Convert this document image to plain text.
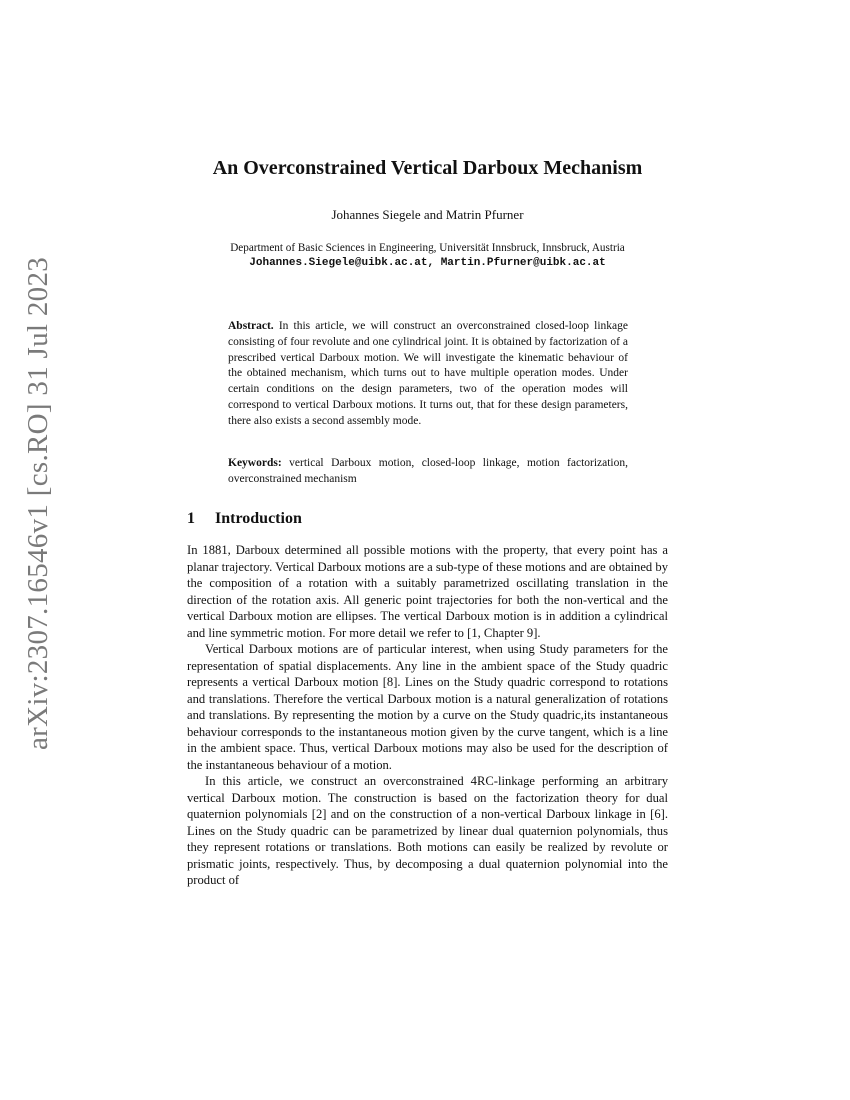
arXiv:2307.16546v1 [cs.RO] 31 Jul 2023
An Overconstrained Vertical Darboux Mechanism

Johannes Siegele and Matrin Pfurner

Department of Basic Sciences in Engineering, Universität Innsbruck, Innsbruck, Austria
Johannes.Siegele@uibk.ac.at, Martin.Pfurner@uibk.ac.at

Abstract. In this article, we will construct an overconstrained closed-loop linkage consisting of four revolute and one cylindrical joint. It is obtained by factorization of a prescribed vertical Darboux motion. We will investigate the kinematic behaviour of the obtained mechanism, which turns out to have multiple operation modes. Under certain conditions on the design parameters, two of the operation modes will correspond to vertical Darboux motions. It turns out, that for these design parameters, there also exists a second assembly mode.

Keywords: vertical Darboux motion, closed-loop linkage, motion factorization, overconstrained mechanism

1 Introduction

In 1881, Darboux determined all possible motions with the property, that every point has a planar trajectory. Vertical Darboux motions are a sub-type of these motions and are obtained by the composition of a rotation with a suitably parametrized oscillating translation in the direction of the rotation axis. All generic point trajectories for both the non-vertical and the vertical Darboux motion are ellipses. The vertical Darboux motion is in addition a cylindrical and line symmetric motion. For more detail we refer to [1, Chapter 9].

Vertical Darboux motions are of particular interest, when using Study parameters for the representation of spatial displacements. Any line in the ambient space of the Study quadric represents a vertical Darboux motion [8]. Lines on the Study quadric correspond to rotations and translations. Therefore the vertical Darboux motion is a natural generalization of rotations and translations. By representing the motion by a curve on the Study quadric,its instantaneous behaviour corresponds to the instantaneous motion given by the curve tangent, which is a line in the ambient space. Thus, vertical Darboux motions may also be used for the description of the instantaneous behaviour of a motion.

In this article, we construct an overconstrained 4RC-linkage performing an arbitrary vertical Darboux motion. The construction is based on the factorization theory for dual quaternion polynomials [2] and on the construction of a non-vertical Darboux linkage in [6]. Lines on the Study quadric can be parametrized by linear dual quaternion polynomials, thus they represent rotations or translations. Both motions can easily be realized by revolute or prismatic joints, respectively. Thus, by decomposing a dual quaternion polynomial into the product of
